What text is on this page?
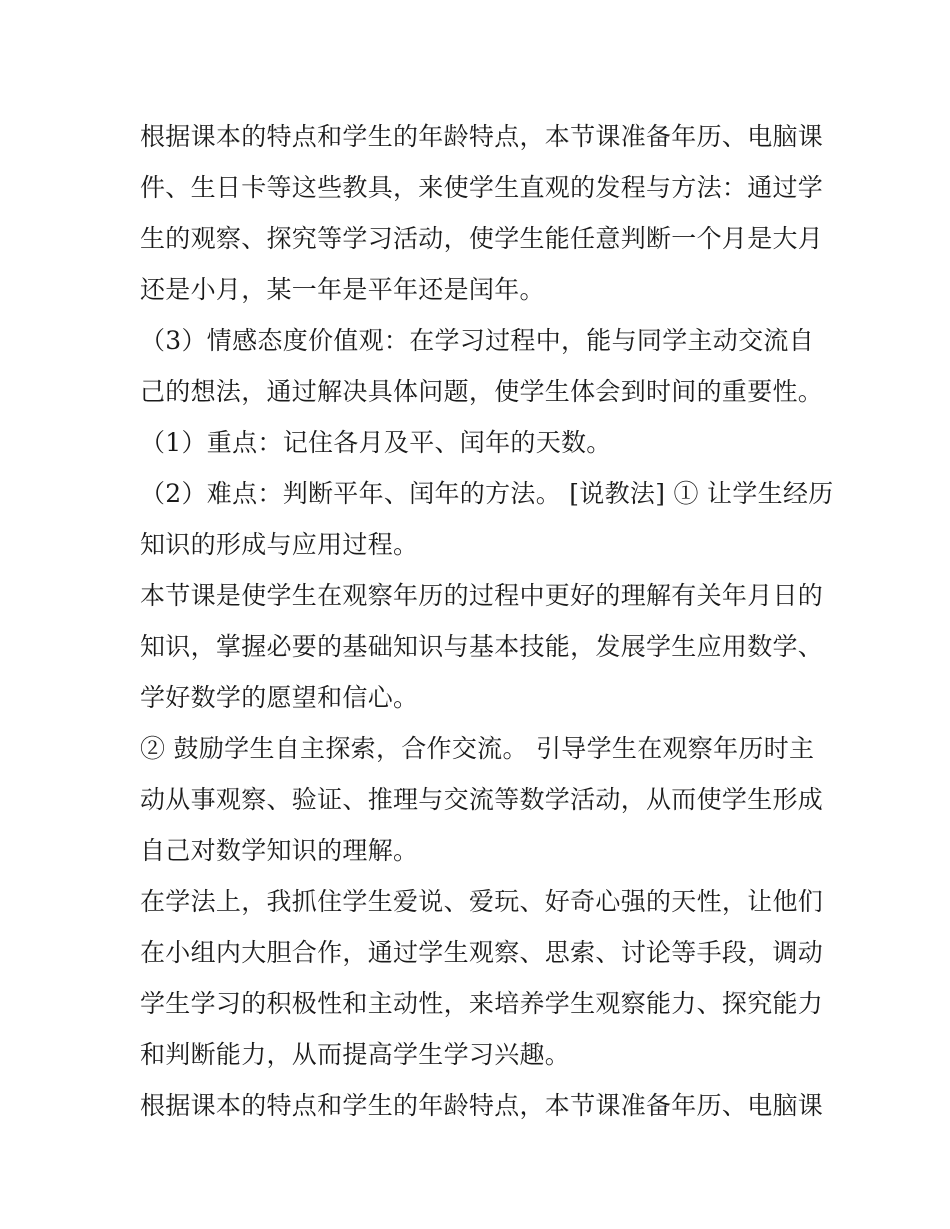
根据课本的特点和学生的年龄特点，本节课准备年历、电脑课
件、生日卡等这些教具，来使学生直观的发程与方法：通过学
生的观察、探究等学习活动，使学生能任意判断一个月是大月
还是小月，某一年是平年还是闰年。

（3）情感态度价值观：在学习过程中，能与同学主动交流自
己的想法，通过解决具体问题，使学生体会到时间的重要性。

（1）重点：记住各月及平、闰年的天数。

（2）难点：判断平年、闰年的方法。 [说教法] ① 让学生经历
知识的形成与应用过程。

本节课是使学生在观察年历的过程中更好的理解有关年月日的
知识，掌握必要的基础知识与基本技能，发展学生应用数学、
学好数学的愿望和信心。

② 鼓励学生自主探索，合作交流。 引导学生在观察年历时主
动从事观察、验证、推理与交流等数学活动，从而使学生形成
自己对数学知识的理解。

在学法上，我抓住学生爱说、爱玩、好奇心强的天性，让他们
在小组内大胆合作，通过学生观察、思索、讨论等手段，调动
学生学习的积极性和主动性，来培养学生观察能力、探究能力
和判断能力，从而提高学生学习兴趣。

根据课本的特点和学生的年龄特点，本节课准备年历、电脑课
